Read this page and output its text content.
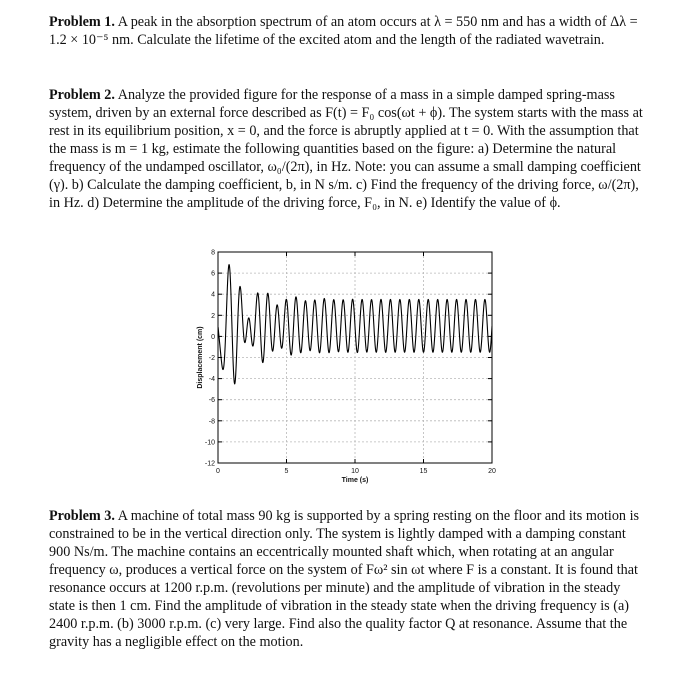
Problem 1. A peak in the absorption spectrum of an atom occurs at λ = 550 nm and has a width of Δλ = 1.2 × 10⁻⁵ nm. Calculate the lifetime of the excited atom and the length of the radiated wavetrain.

Problem 2. Analyze the provided figure for the response of a mass in a simple damped spring-mass system, driven by an external force described as F(t) = F₀ cos(ωt + ϕ). The system starts with the mass at rest in its equilibrium position, x = 0, and the force is abruptly applied at t = 0. With the assumption that the mass is m = 1 kg, estimate the following quantities based on the figure: a) Determine the natural frequency of the undamped oscillator, ω₀/(2π), in Hz. Note: you can assume a small damping coefficient (γ). b) Calculate the damping coefficient, b, in N s/m. c) Find the frequency of the driving force, ω/(2π), in Hz. d) Determine the amplitude of the driving force, F₀, in N. e) Identify the value of ϕ.

0	5	10	15	20
-12
-10
-8
-6
-4
-2
0
2
4
6
8
Time (s)
Displacement (cm)

Problem 3. A machine of total mass 90 kg is supported by a spring resting on the floor and its motion is constrained to be in the vertical direction only. The system is lightly damped with a damping constant 900 Ns/m. The machine contains an eccentrically mounted shaft which, when rotating at an angular frequency ω, produces a vertical force on the system of Fω² sin ωt where F is a constant. It is found that resonance occurs at 1200 r.p.m. (revolutions per minute) and the amplitude of vibration in the steady state is then 1 cm. Find the amplitude of vibration in the steady state when the driving frequency is (a) 2400 r.p.m. (b) 3000 r.p.m. (c) very large. Find also the quality factor Q at resonance. Assume that the gravity has a negligible effect on the motion.
